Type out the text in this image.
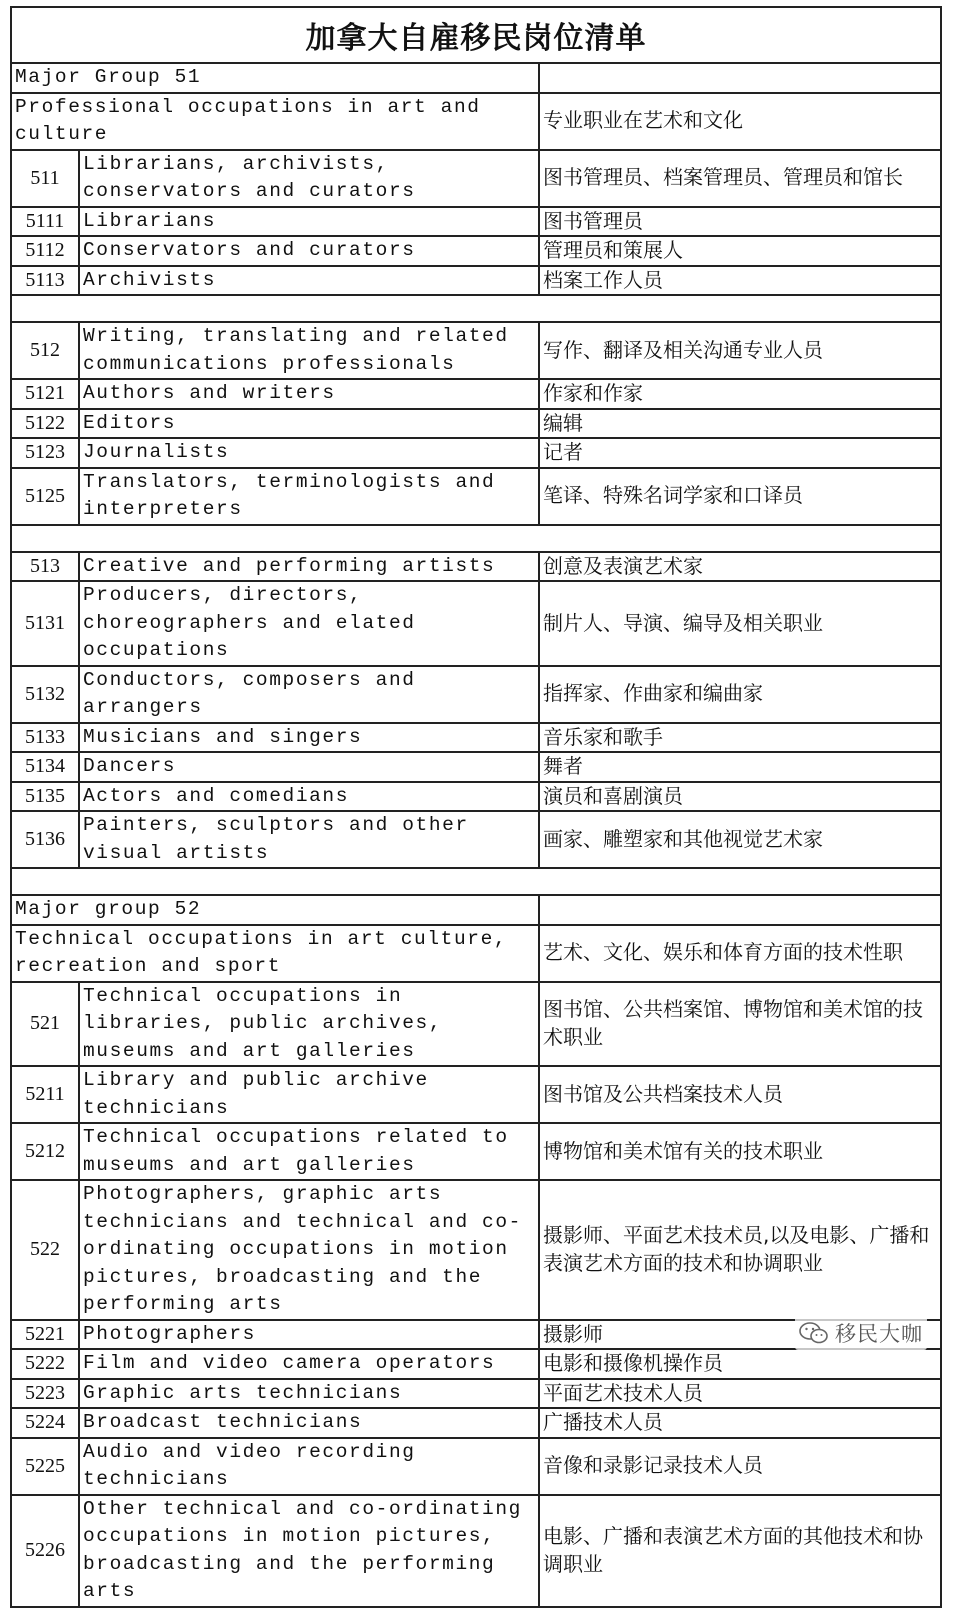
加拿大自雇移民岗位清单		
Major Group 51		
Professional occupations in art and culture		专业职业在艺术和文化
511	Librarians, archivists, conservators and curators	图书管理员、档案管理员、管理员和馆长
5111	Librarians	图书管理员
5112	Conservators and curators	管理员和策展人
5113	Archivists	档案工作人员

512	Writing, translating and related communications professionals	写作、翻译及相关沟通专业人员
5121	Authors and writers	作家和作家
5122	Editors	编辑
5123	Journalists	记者
5125	Translators, terminologists and interpreters	笔译、特殊名词学家和口译员

513	Creative and performing artists	创意及表演艺术家
5131	Producers, directors, choreographers and elated occupations	制片人、导演、编导及相关职业
5132	Conductors, composers and arrangers	指挥家、作曲家和编曲家
5133	Musicians and singers	音乐家和歌手
5134	Dancers	舞者
5135	Actors and comedians	演员和喜剧演员
5136	Painters, sculptors and other visual artists	画家、雕塑家和其他视觉艺术家

Major group 52		
Technical occupations in art culture, recreation and sport		艺术、文化、娱乐和体育方面的技术性职
521	Technical occupations in libraries, public archives, museums and art galleries	图书馆、公共档案馆、博物馆和美术馆的技术职业
5211	Library and public archive technicians	图书馆及公共档案技术人员
5212	Technical occupations related to museums and art galleries	博物馆和美术馆有关的技术职业
522	Photographers, graphic arts technicians and technical and co-ordinating occupations in motion pictures, broadcasting and the performing arts	摄影师、平面艺术技术员,以及电影、广播和表演艺术方面的技术和协调职业
5221	Photographers	摄影师
5222	Film and video camera operators	电影和摄像机操作员
5223	Graphic arts technicians	平面艺术技术人员
5224	Broadcast technicians	广播技术人员
5225	Audio and video recording technicians	音像和录影记录技术人员
5226	Other technical and co-ordinating occupations in motion pictures, broadcasting and the performing arts	电影、广播和表演艺术方面的其他技术和协调职业
移民大咖
